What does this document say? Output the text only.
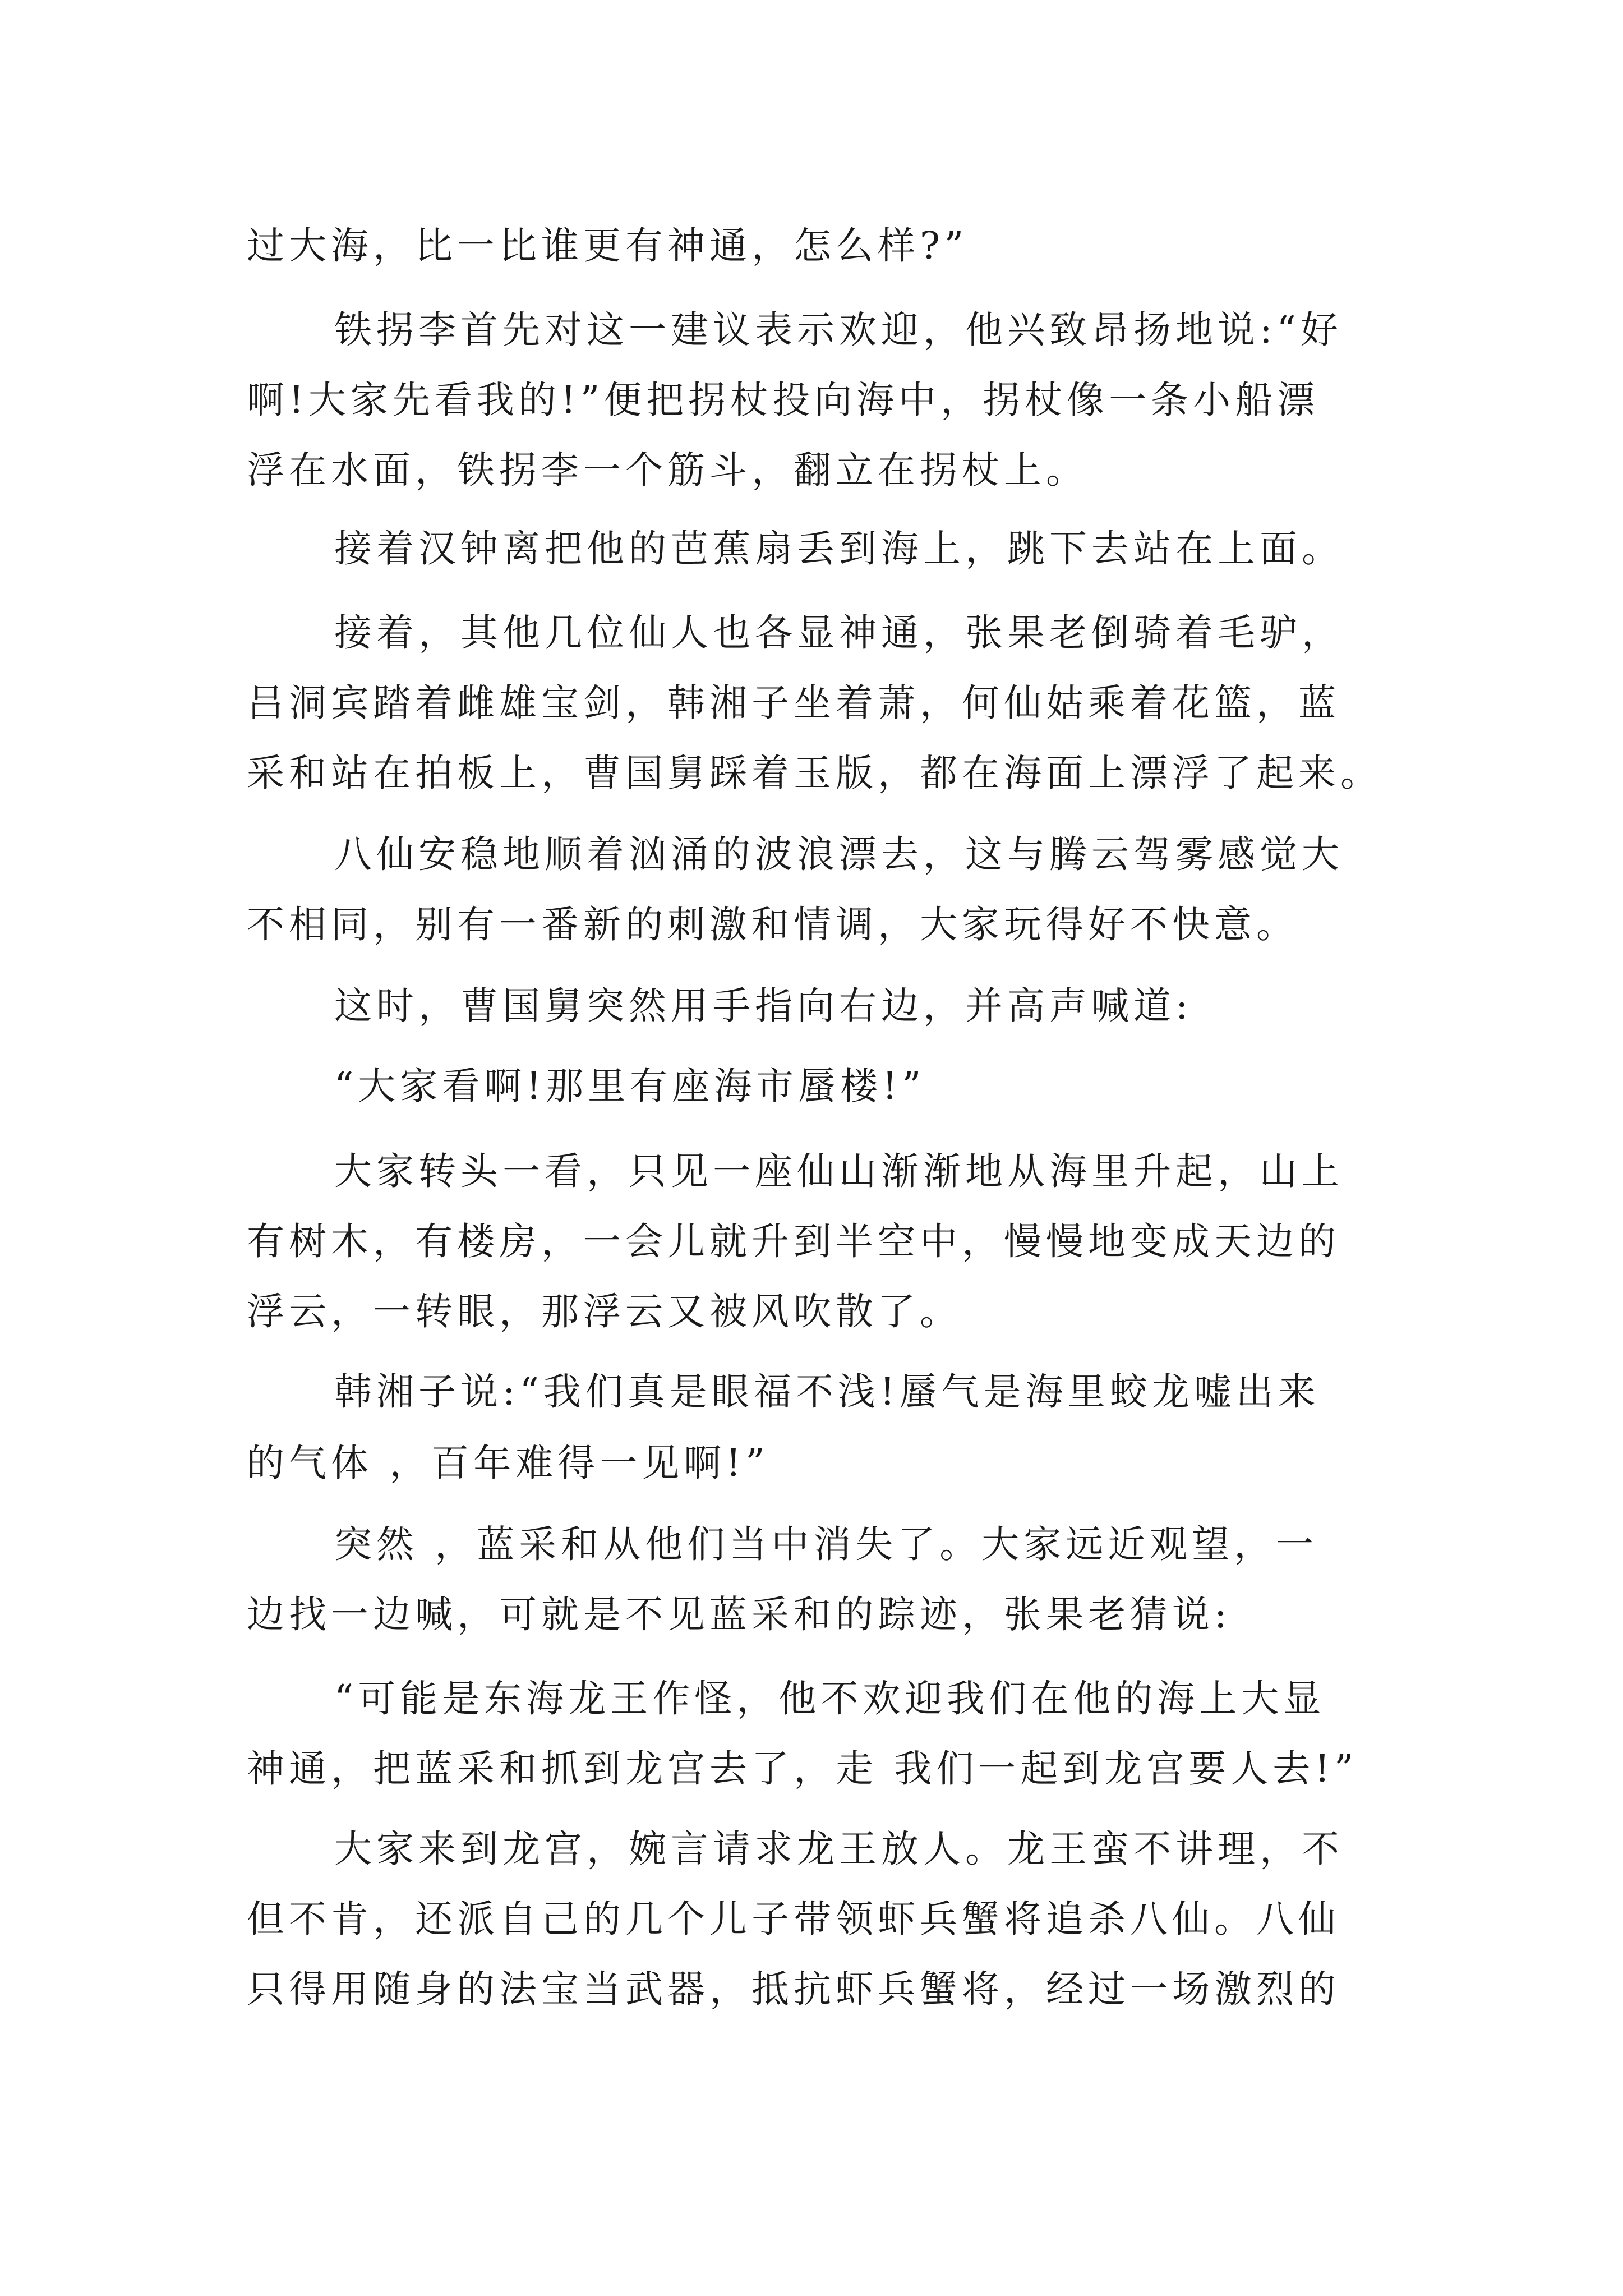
过大海，比一比谁更有神通，怎么样?”
铁拐李首先对这一建议表示欢迎，他兴致昂扬地说:“好
啊!大家先看我的!”便把拐杖投向海中，拐杖像一条小船漂
浮在水面，铁拐李一个筋斗，翻立在拐杖上。
接着汉钟离把他的芭蕉扇丢到海上，跳下去站在上面。
接着，其他几位仙人也各显神通，张果老倒骑着毛驴，
吕洞宾踏着雌雄宝剑，韩湘子坐着萧，何仙姑乘着花篮，蓝
采和站在拍板上，曹国舅踩着玉版，都在海面上漂浮了起来。
八仙安稳地顺着汹涌的波浪漂去，这与腾云驾雾感觉大
不相同，别有一番新的刺激和情调，大家玩得好不快意。
这时，曹国舅突然用手指向右边，并高声喊道:
“大家看啊!那里有座海市蜃楼!”
大家转头一看，只见一座仙山渐渐地从海里升起，山上
有树木，有楼房，一会儿就升到半空中，慢慢地变成天边的
浮云，一转眼，那浮云又被风吹散了。
韩湘子说:“我们真是眼福不浅!蜃气是海里蛟龙嘘出来
的气体 ，百年难得一见啊!”
突然 ，蓝采和从他们当中消失了。大家远近观望，一
边找一边喊，可就是不见蓝采和的踪迹，张果老猜说:
“可能是东海龙王作怪，他不欢迎我们在他的海上大显
神通，把蓝采和抓到龙宫去了，走 我们一起到龙宫要人去!”
大家来到龙宫，婉言请求龙王放人。龙王蛮不讲理，不
但不肯，还派自己的几个儿子带领虾兵蟹将追杀八仙。八仙
只得用随身的法宝当武器，抵抗虾兵蟹将，经过一场激烈的
